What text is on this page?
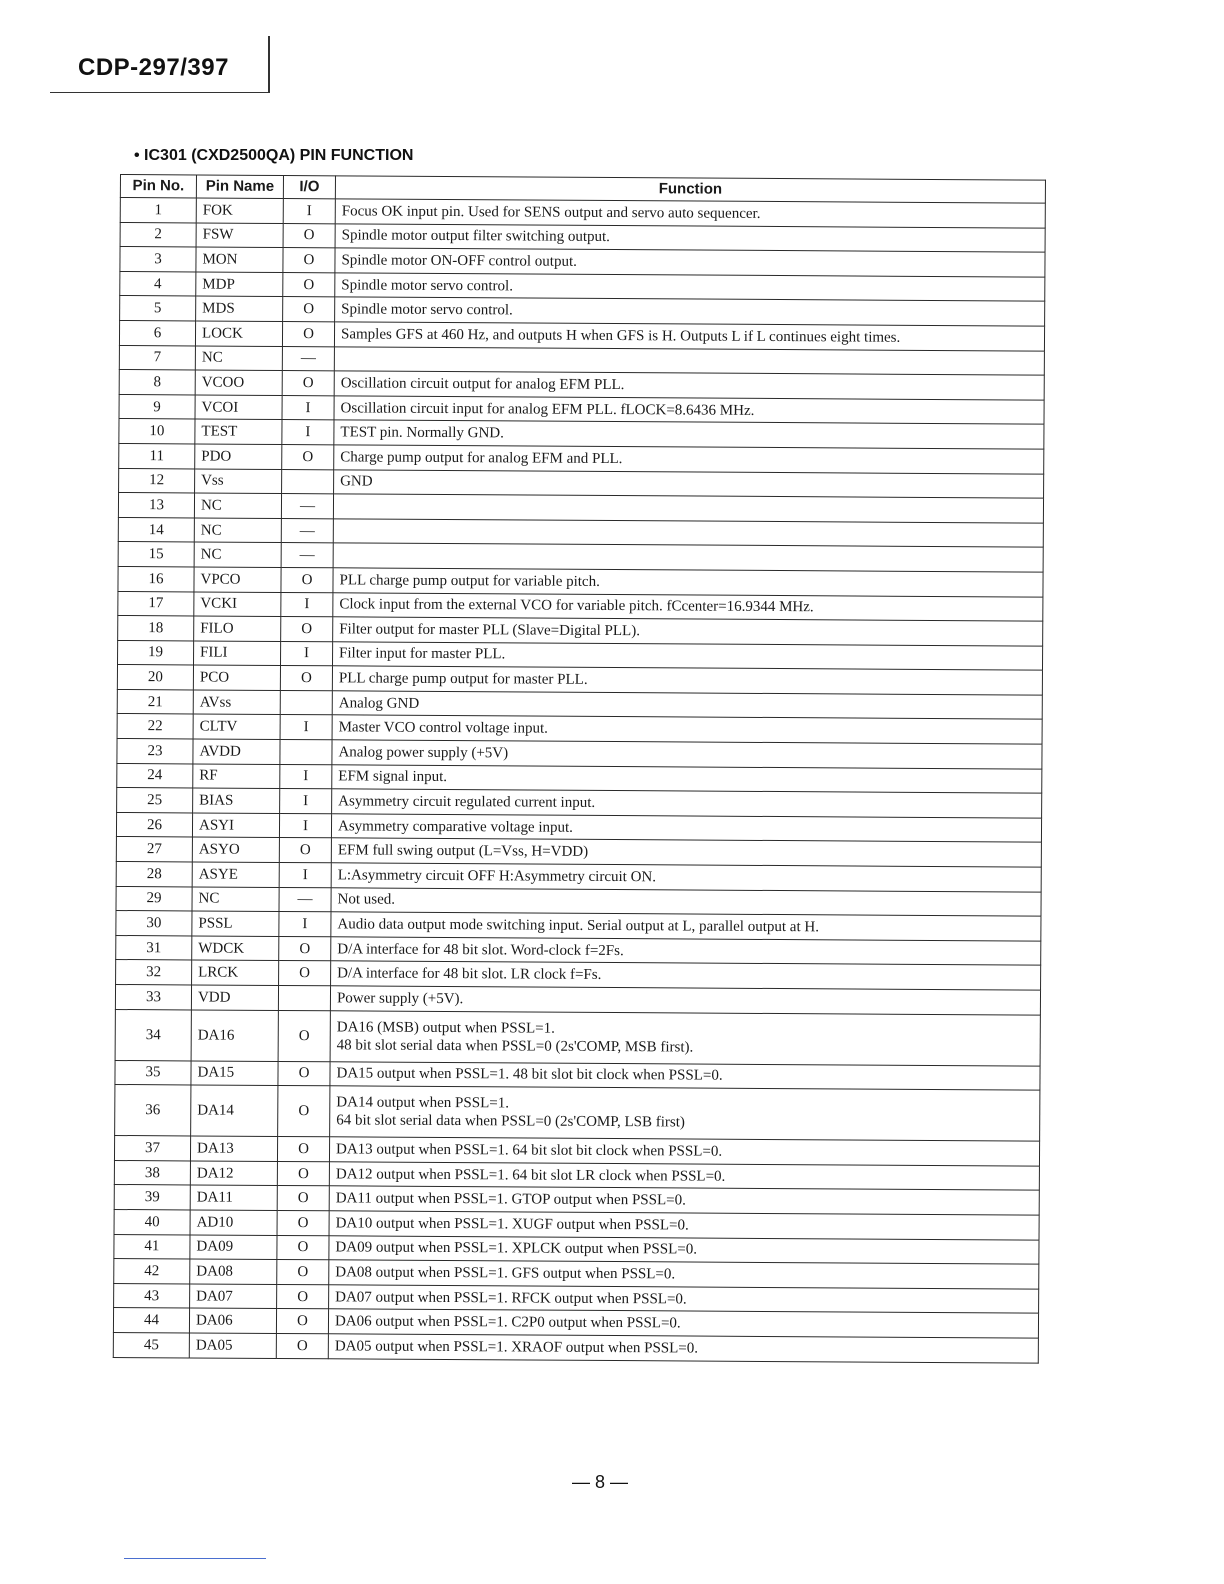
CDP-297/397
• IC301 (CXD2500QA) PIN FUNCTION
Pin No.	Pin Name	I/O	Function
1	FOK	I	Focus OK input pin. Used for SENS output and servo auto sequencer.
2	FSW	O	Spindle motor output filter switching output.
3	MON	O	Spindle motor ON-OFF control output.
4	MDP	O	Spindle motor servo control.
5	MDS	O	Spindle motor servo control.
6	LOCK	O	Samples GFS at 460 Hz, and outputs H when GFS is H. Outputs L if L continues eight times.
7	NC	—	
8	VCOO	O	Oscillation circuit output for analog EFM PLL.
9	VCOI	I	Oscillation circuit input for analog EFM PLL. fLOCK=8.6436 MHz.
10	TEST	I	TEST pin. Normally GND.
11	PDO	O	Charge pump output for analog EFM and PLL.
12	Vss		GND
13	NC	—	
14	NC	—	
15	NC	—	
16	VPCO	O	PLL charge pump output for variable pitch.
17	VCKI	I	Clock input from the external VCO for variable pitch. fCcenter=16.9344 MHz.
18	FILO	O	Filter output for master PLL (Slave=Digital PLL).
19	FILI	I	Filter input for master PLL.
20	PCO	O	PLL charge pump output for master PLL.
21	AVss		Analog GND
22	CLTV	I	Master VCO control voltage input.
23	AVDD		Analog power supply (+5V)
24	RF	I	EFM signal input.
25	BIAS	I	Asymmetry circuit regulated current input.
26	ASYI	I	Asymmetry comparative voltage input.
27	ASYO	O	EFM full swing output (L=Vss, H=VDD)
28	ASYE	I	L:Asymmetry circuit OFF H:Asymmetry circuit ON.
29	NC	—	Not used.
30	PSSL	I	Audio data output mode switching input. Serial output at L, parallel output at H.
31	WDCK	O	D/A interface for 48 bit slot. Word-clock f=2Fs.
32	LRCK	O	D/A interface for 48 bit slot. LR clock f=Fs.
33	VDD		Power supply (+5V).
34	DA16	O	DA16 (MSB) output when PSSL=1.
48 bit slot serial data when PSSL=0 (2s'COMP, MSB first).

35	DA15	O	DA15 output when PSSL=1. 48 bit slot bit clock when PSSL=0.
36	DA14	O	DA14 output when PSSL=1.
64 bit slot serial data when PSSL=0 (2s'COMP, LSB first)

37	DA13	O	DA13 output when PSSL=1. 64 bit slot bit clock when PSSL=0.
38	DA12	O	DA12 output when PSSL=1. 64 bit slot LR clock when PSSL=0.
39	DA11	O	DA11 output when PSSL=1. GTOP output when PSSL=0.
40	AD10	O	DA10 output when PSSL=1. XUGF output when PSSL=0.
41	DA09	O	DA09 output when PSSL=1. XPLCK output when PSSL=0.
42	DA08	O	DA08 output when PSSL=1. GFS output when PSSL=0.
43	DA07	O	DA07 output when PSSL=1. RFCK output when PSSL=0.
44	DA06	O	DA06 output when PSSL=1. C2P0 output when PSSL=0.
45	DA05	O	DA05 output when PSSL=1. XRAOF output when PSSL=0.
— 8 —
